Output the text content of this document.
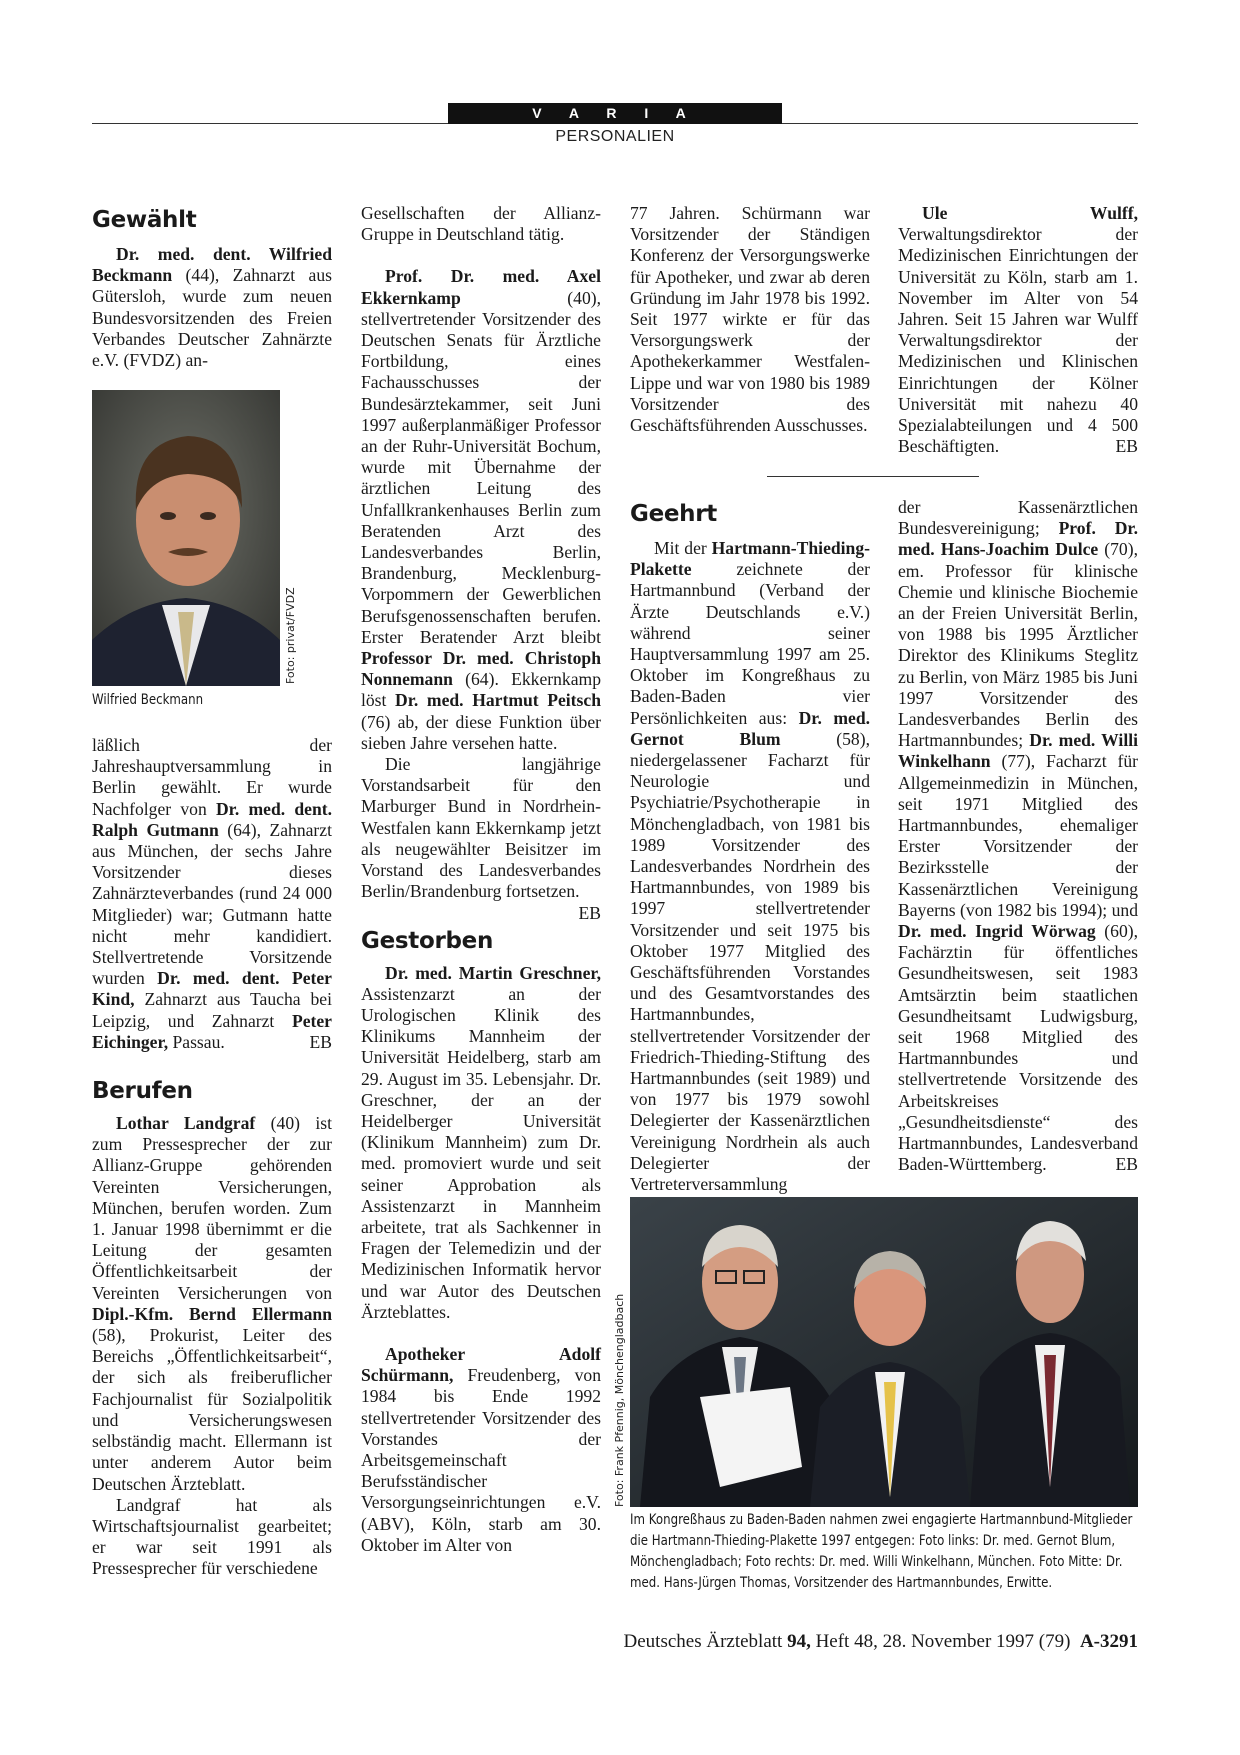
V A R I A
PERSONALIEN
Gewählt

Dr. med. dent. Wilfried Beckmann (44), Zahnarzt aus Gütersloh, wurde zum neuen Bundesvorsitzenden des Freien Verbandes Deutscher Zahnärzte e.V. (FVDZ) an-

Foto: privat/FVDZ
Wilfried Beckmann

läßlich der Jahreshauptversammlung in Berlin gewählt. Er wurde Nachfolger von Dr. med. dent. Ralph Gutmann (64), Zahnarzt aus München, der sechs Jahre Vorsitzender dieses Zahnärzteverbandes (rund 24 000 Mitglieder) war; Gutmann hatte nicht mehr kandidiert. Stellvertretende Vorsitzende wurden Dr. med. dent. Peter Kind, Zahnarzt aus Taucha bei Leipzig, und Zahnarzt Peter Eichinger, Passau.	EB

Berufen

Lothar Landgraf (40) ist zum Pressesprecher der zur Allianz-Gruppe gehörenden Vereinten Versicherungen, München, berufen worden. Zum 1. Januar 1998 übernimmt er die Leitung der gesamten Öffentlichkeitsarbeit der Vereinten Versicherungen von Dipl.-Kfm. Bernd Ellermann (58), Prokurist, Leiter des Bereichs „Öffentlichkeitsarbeit“, der sich als freiberuflicher Fachjournalist für Sozialpolitik und Versicherungswesen selbständig macht. Ellermann ist unter anderem Autor beim Deutschen Ärzteblatt.

Landgraf hat als Wirtschaftsjournalist gearbeitet; er war seit 1991 als Pressesprecher für verschiedene

Gesellschaften der Allianz-Gruppe in Deutschland tätig.

Prof. Dr. med. Axel Ekkernkamp (40), stellvertretender Vorsitzender des Deutschen Senats für Ärztliche Fortbildung, eines Fachausschusses der Bundesärztekammer, seit Juni 1997 außerplanmäßiger Professor an der Ruhr-Universität Bochum, wurde mit Übernahme der ärztlichen Leitung des Unfallkrankenhauses Berlin zum Beratenden Arzt des Landesverbandes Berlin, Brandenburg, Mecklenburg-Vorpommern der Gewerblichen Berufsgenossenschaften berufen. Erster Beratender Arzt bleibt Professor Dr. med. Christoph Nonnemann (64). Ekkernkamp löst Dr. med. Hartmut Peitsch (76) ab, der diese Funktion über sieben Jahre versehen hatte.

Die langjährige Vorstandsarbeit für den Marburger Bund in Nordrhein-Westfalen kann Ekkernkamp jetzt als neugewählter Beisitzer im Vorstand des Landesverbandes Berlin/Brandenburg fortsetzen.
EB

Gestorben

Dr. med. Martin Greschner, Assistenzarzt an der Urologischen Klinik des Klinikums Mannheim der Universität Heidelberg, starb am 29. August im 35. Lebensjahr. Dr. Greschner, der an der Heidelberger Universität (Klinikum Mannheim) zum Dr. med. promoviert wurde und seit seiner Approbation als Assistenzarzt in Mannheim arbeitete, trat als Sachkenner in Fragen der Telemedizin und der Medizinischen Informatik hervor und war Autor des Deutschen Ärzteblattes.

Apotheker Adolf Schürmann, Freudenberg, von 1984 bis Ende 1992 stellvertretender Vorsitzender des Vorstandes der Arbeitsgemeinschaft Berufsständischer Versorgungseinrichtungen e.V. (ABV), Köln, starb am 30. Oktober im Alter von

77 Jahren. Schürmann war Vorsitzender der Ständigen Konferenz der Versorgungswerke für Apotheker, und zwar ab deren Gründung im Jahr 1978 bis 1992. Seit 1977 wirkte er für das Versorgungswerk der Apothekerkammer Westfalen-Lippe und war von 1980 bis 1989 Vorsitzender des Geschäftsführenden Ausschusses.

Ule Wulff, Verwaltungsdirektor der Medizinischen Einrichtungen der Universität zu Köln, starb am 1. November im Alter von 54 Jahren. Seit 15 Jahren war Wulff Verwaltungsdirektor der Medizinischen und Klinischen Einrichtungen der Kölner Universität mit nahezu 40 Spezialabteilungen und 4 500 Beschäftigten.	EB

Geehrt

Mit der Hartmann-Thieding-Plakette zeichnete der Hartmannbund (Verband der Ärzte Deutschlands e.V.) während seiner Hauptversammlung 1997 am 25. Oktober im Kongreßhaus zu Baden-Baden vier Persönlichkeiten aus: Dr. med. Gernot Blum (58), niedergelassener Facharzt für Neurologie und Psychiatrie/Psychotherapie in Mönchengladbach, von 1981 bis 1989 Vorsitzender des Landesverbandes Nordrhein des Hartmannbundes, von 1989 bis 1997 stellvertretender Vorsitzender und seit 1975 bis Oktober 1977 Mitglied des Geschäftsführenden Vorstandes und des Gesamtvorstandes des Hartmannbundes, stellvertretender Vorsitzender der Friedrich-Thieding-Stiftung des Hartmannbundes (seit 1989) und von 1977 bis 1979 sowohl Delegierter der Kassenärztlichen Vereinigung Nordrhein als auch Delegierter der Vertreterversammlung

der Kassenärztlichen Bundesvereinigung; Prof. Dr. med. Hans-Joachim Dulce (70), em. Professor für klinische Chemie und klinische Biochemie an der Freien Universität Berlin, von 1988 bis 1995 Ärztlicher Direktor des Klinikums Steglitz zu Berlin, von März 1985 bis Juni 1997 Vorsitzender des Landesverbandes Berlin des Hartmannbundes; Dr. med. Willi Winkelhann (77), Facharzt für Allgemeinmedizin in München, seit 1971 Mitglied des Hartmannbundes, ehemaliger Erster Vorsitzender der Bezirksstelle der Kassenärztlichen Vereinigung Bayerns (von 1982 bis 1994); und Dr. med. Ingrid Wörwag (60), Fachärztin für öffentliches Gesundheitswesen, seit 1983 Amtsärztin beim staatlichen Gesundheitsamt Ludwigsburg, seit 1968 Mitglied des Hartmannbundes und stellvertretende Vorsitzende des Arbeitskreises „Gesundheitsdienste“ des Hartmannbundes, Landesverband Baden-Württemberg.	EB

Foto: Frank Pfennig, Mönchengladbach
Im Kongreßhaus zu Baden-Baden nahmen zwei engagierte Hartmannbund-Mitglieder die Hartmann-Thieding-Plakette 1997 entgegen: Foto links: Dr. med. Gernot Blum, Mönchengladbach; Foto rechts: Dr. med. Willi Winkelhann, München. Foto Mitte: Dr. med. Hans-Jürgen Thomas, Vorsitzender des Hartmannbundes, Erwitte.
Deutsches Ärzteblatt 94, Heft 48, 28. November 1997 (79) A-3291
